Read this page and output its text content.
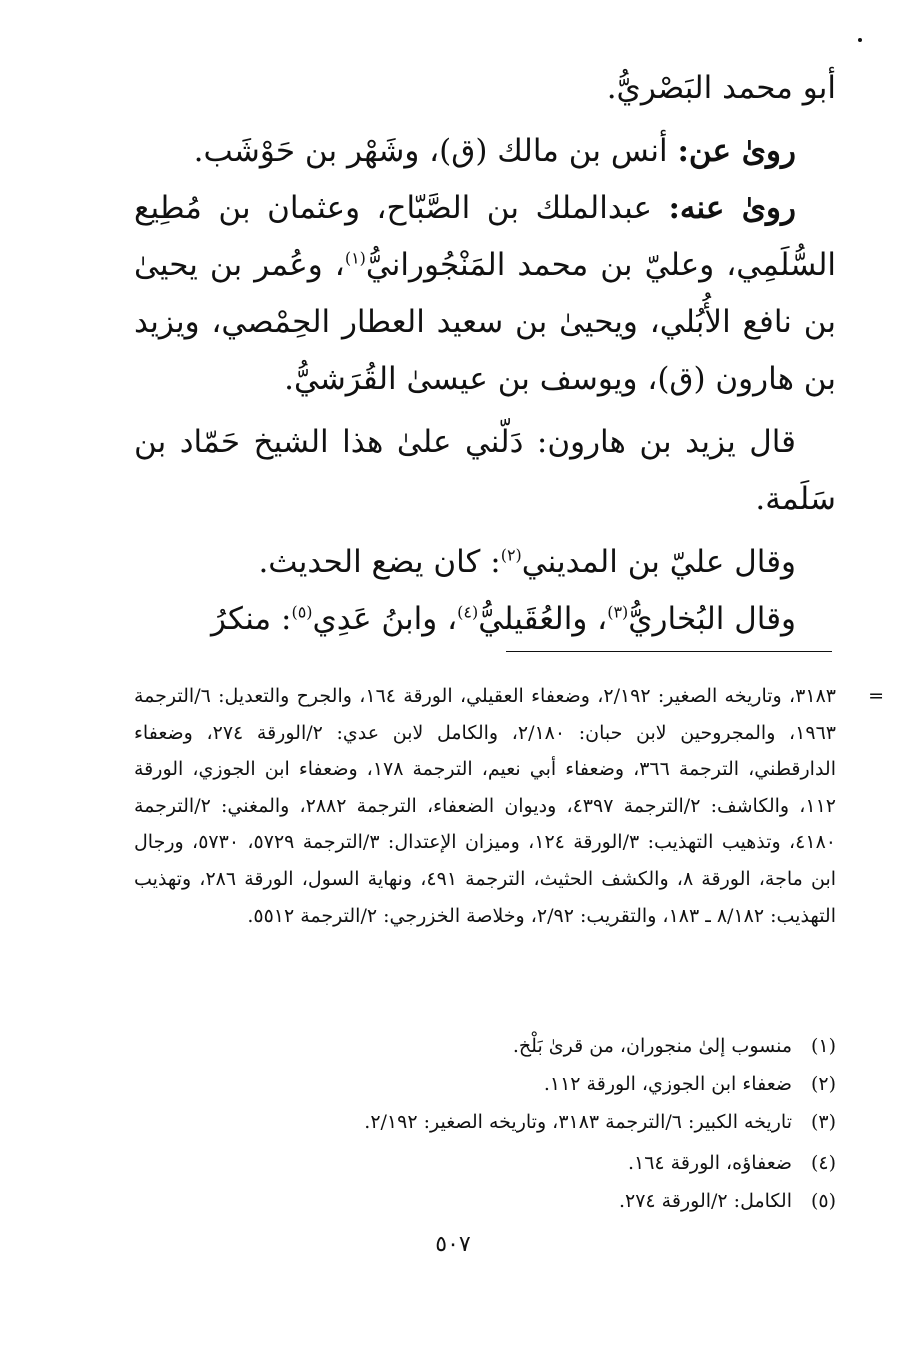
أبو محمد البَصْريُّ.

روىٰ عن: أنس بن مالك (ق)، وشَهْر بن حَوْشَب.

روىٰ عنه: عبدالملك بن الصَّبّاح، وعثمان بن مُطِيع السُّلَمِي، وعليّ بن محمد المَنْجُورانيُّ$^{(١)}$، وعُمر بن يحيىٰ بن نافع الأُبُلي، ويحيىٰ بن سعيد العطار الحِمْصي، ويزيد بن هارون (ق)، ويوسف بن عيسىٰ القُرَشيُّ.

قال يزيد بن هارون: دَلّني علىٰ هذا الشيخ حَمّاد بن سَلَمة.

وقال عليّ بن المديني$^{(٢)}$: كان يضع الحديث.

وقال البُخاريُّ$^{(٣)}$، والعُقَيليُّ$^{(٤)}$، وابنُ عَدِي$^{(٥)}$: منكرُ

=

٣١٨٣، وتاريخه الصغير: ٢/١٩٢، وضعفاء العقيلي، الورقة ١٦٤، والجرح والتعديل: ٦/الترجمة ١٩٦٣، والمجروحين لابن حبان: ٢/١٨٠، والكامل لابن عدي: ٢/الورقة ٢٧٤، وضعفاء الدارقطني، الترجمة ٣٦٦، وضعفاء أبي نعيم، الترجمة ١٧٨، وضعفاء ابن الجوزي، الورقة ١١٢، والكاشف: ٢/الترجمة ٤٣٩٧، وديوان الضعفاء، الترجمة ٢٨٨٢، والمغني: ٢/الترجمة ٤١٨٠، وتذهيب التهذيب: ٣/الورقة ١٢٤، وميزان الإعتدال: ٣/الترجمة ٥٧٢٩، ٥٧٣٠، ورجال ابن ماجة، الورقة ٨، والكشف الحثيث، الترجمة ٤٩١، ونهاية السول، الورقة ٢٨٦، وتهذيب التهذيب: ٨/١٨٢ ـ ١٨٣، والتقريب: ٢/٩٢، وخلاصة الخزرجي: ٢/الترجمة ٥٥١٢.

(١)
منسوب إلىٰ منجوران، من قرىٰ بَلْخ.
(٢)
ضعفاء ابن الجوزي، الورقة ١١٢.
(٣)
تاريخه الكبير: ٦/الترجمة ٣١٨٣، وتاريخه الصغير: ٢/١٩٢.
(٤)
ضعفاؤه، الورقة ١٦٤.
(٥)
الكامل: ٢/الورقة ٢٧٤.
٥٠٧
